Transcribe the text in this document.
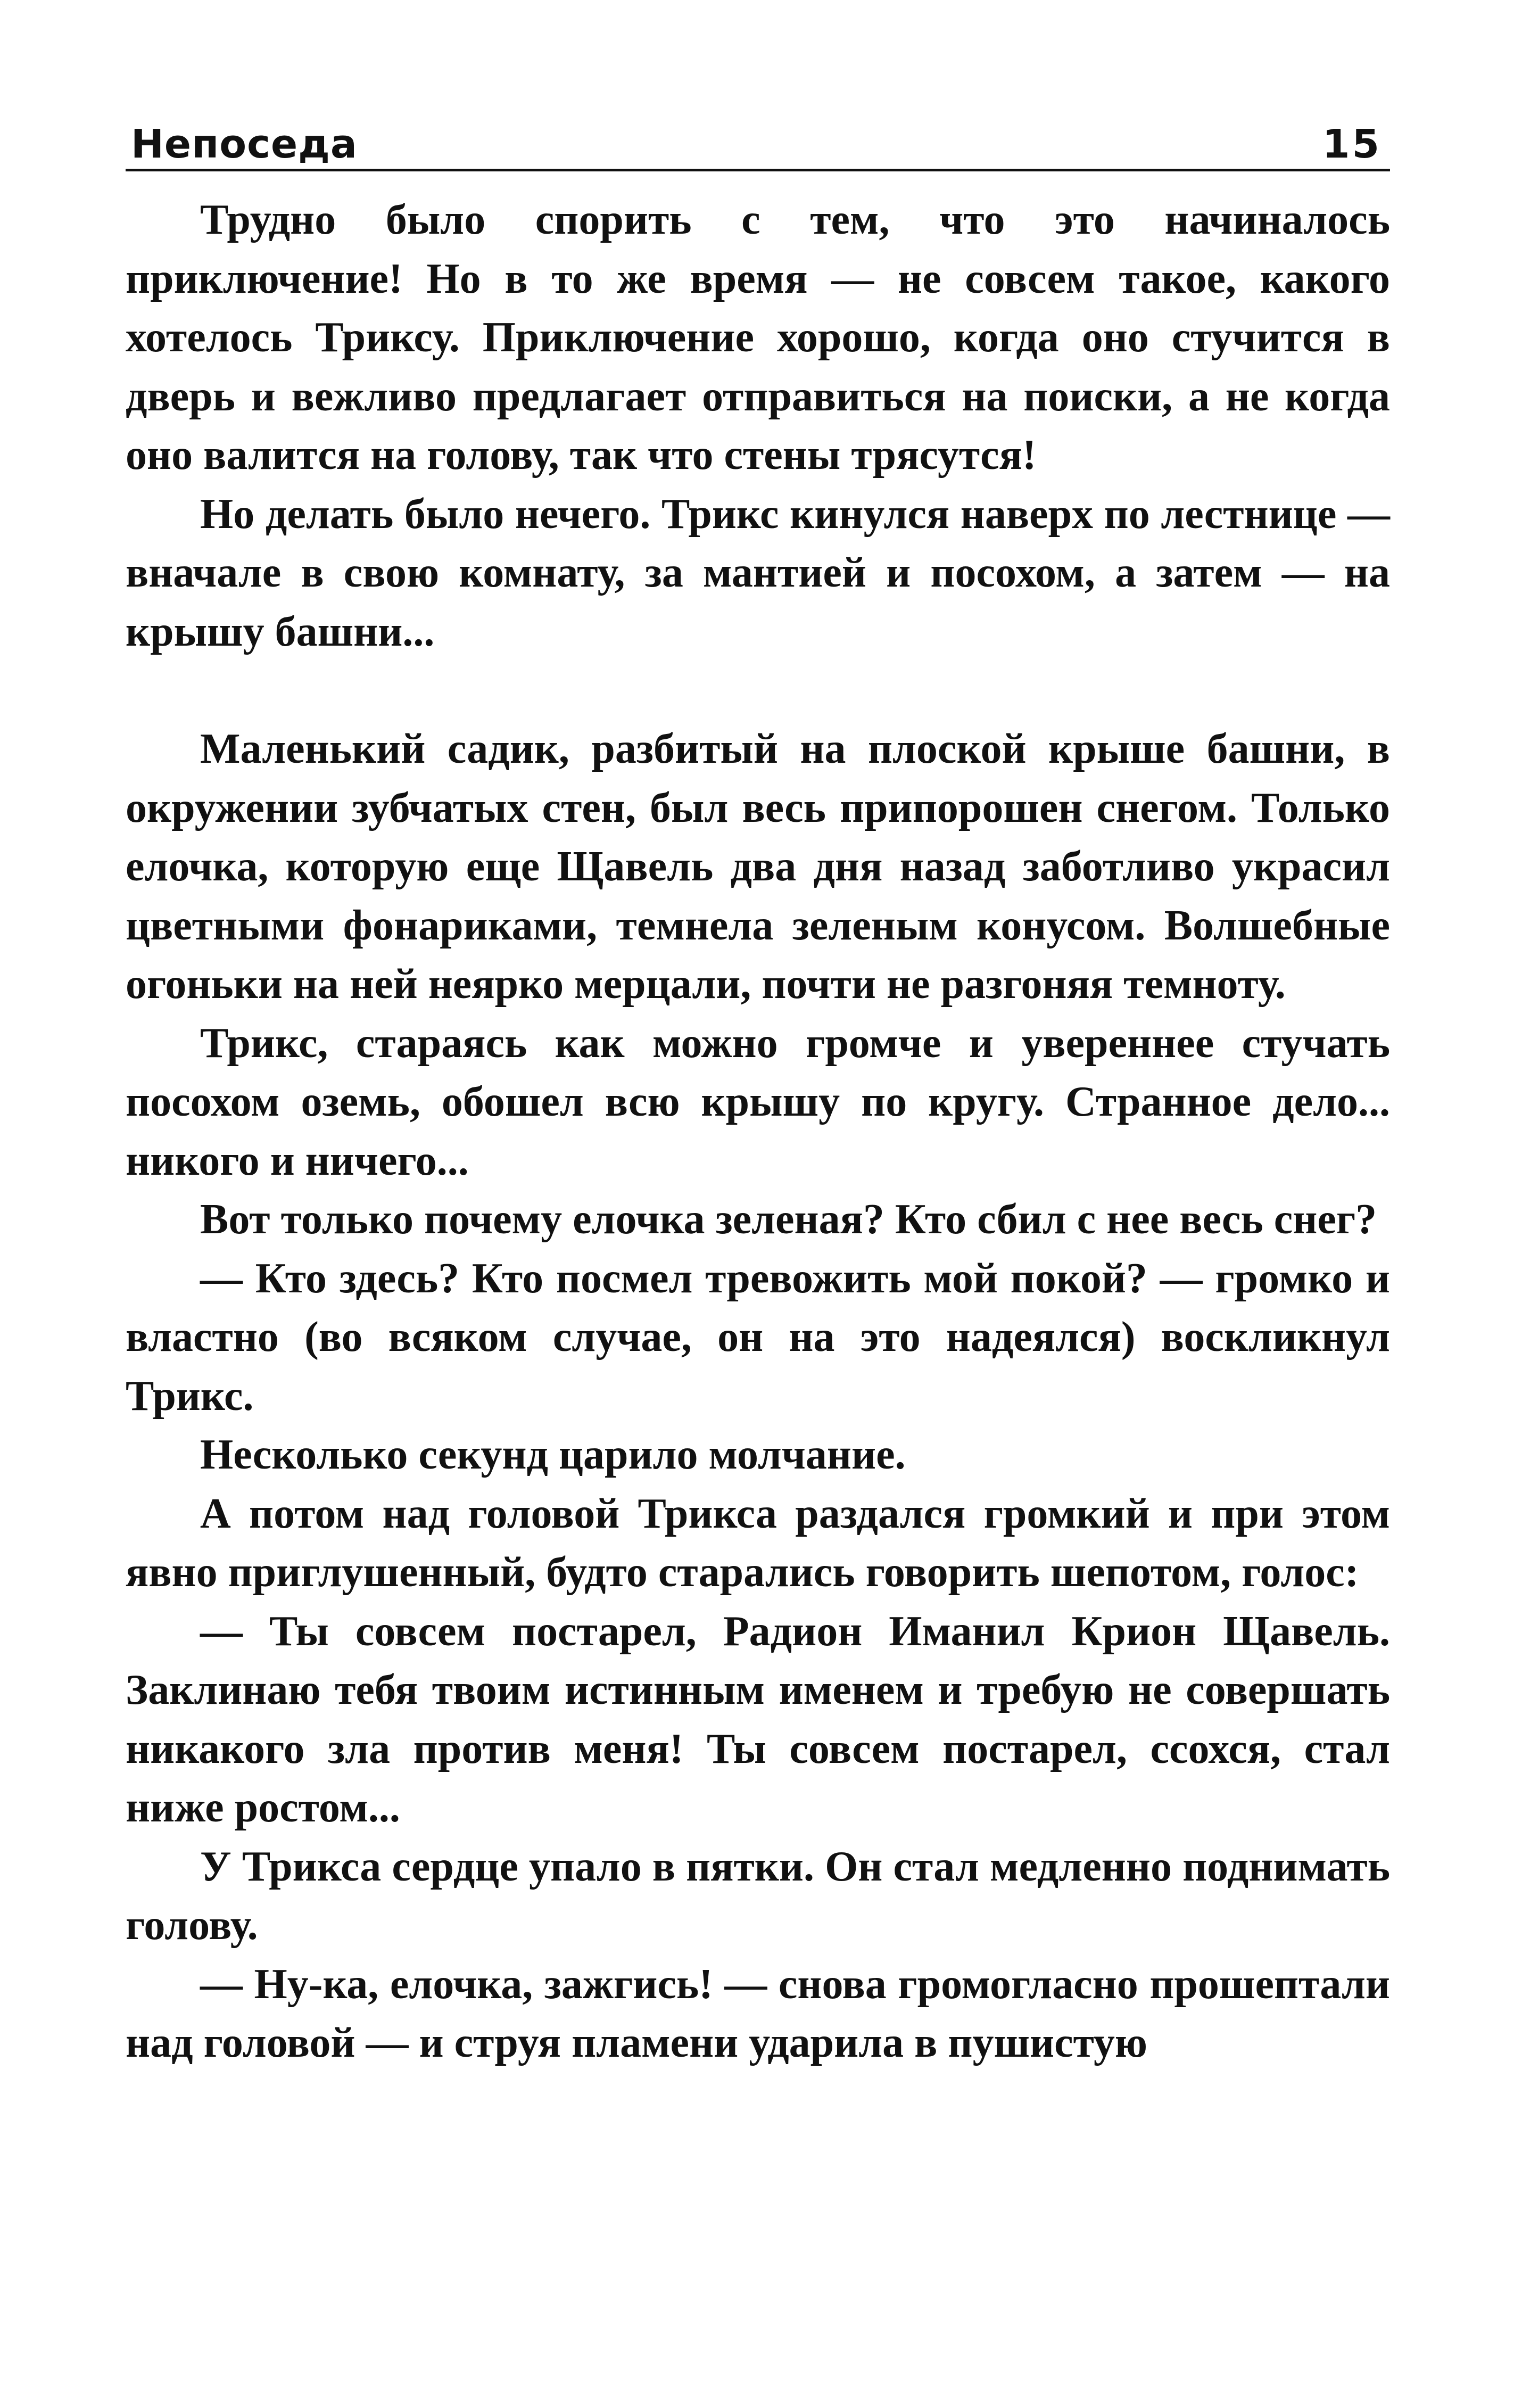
Непоседа	15

Трудно было спорить с тем, что это начиналось приключение! Но в то же время — не совсем такое, какого хотелось Триксу. Приключение хорошо, когда оно стучится в дверь и вежливо предлагает отправиться на поиски, а не когда оно валится на голову, так что стены трясутся!

Но делать было нечего. Трикс кинулся наверх по лестнице — вначале в свою комнату, за мантией и посохом, а затем — на крышу башни...

Маленький садик, разбитый на плоской крыше башни, в окружении зубчатых стен, был весь припорошен снегом. Только елочка, которую еще Щавель два дня назад заботливо украсил цветными фонариками, темнела зеленым конусом. Волшебные огоньки на ней неярко мерцали, почти не разгоняя темноту.

Трикс, стараясь как можно громче и увереннее стучать посохом оземь, обошел всю крышу по кругу. Странное дело... никого и ничего...

Вот только почему елочка зеленая? Кто сбил с нее весь снег?

— Кто здесь? Кто посмел тревожить мой покой? — громко и властно (во всяком случае, он на это надеялся) воскликнул Трикс.

Несколько секунд царило молчание.

А потом над головой Трикса раздался громкий и при этом явно приглушенный, будто старались говорить шепотом, голос:

— Ты совсем постарел, Радион Иманил Крион Щавель. Заклинаю тебя твоим истинным именем и требую не совершать никакого зла против меня! Ты совсем постарел, ссохся, стал ниже ростом...

У Трикса сердце упало в пятки. Он стал медленно поднимать голову.

— Ну-ка, елочка, зажгись! — снова громогласно прошептали над головой — и струя пламени ударила в пушистую
